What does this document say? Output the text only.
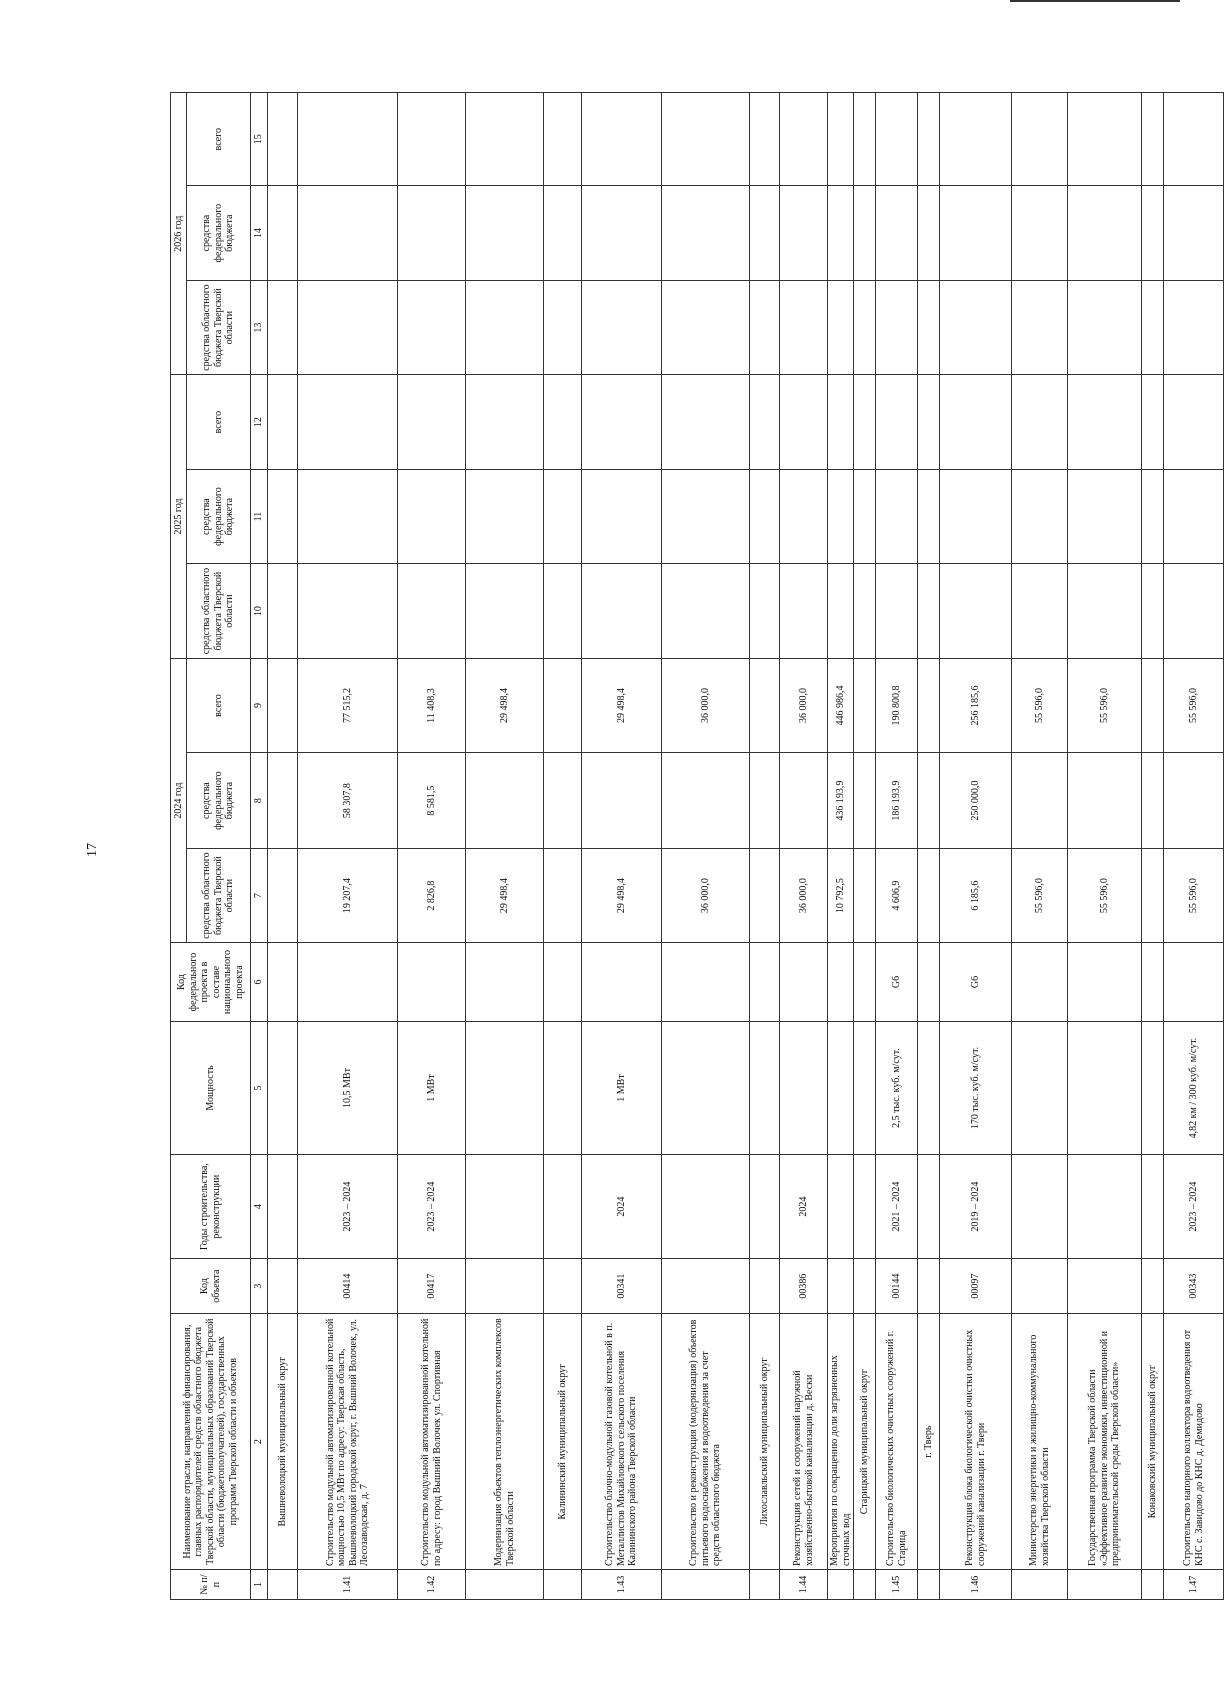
17
№ п/п	Наименование отрасли, направлений финансирования, главных распорядителей средств областного бюджета Тверской области, муниципальных образований Тверской области (бюджетополучателей), государственных программ Тверской области и объектов	Код объекта	Годы строительства, реконструкции	Мощность	Код федерального проекта в составе национального проекта	2024 год			2025 год			2026 год		
						средства областного бюджета Тверской области	средства федерального бюджета	всего	средства областного бюджета Тверской области	средства федерального бюджета	всего	средства областного бюджета Тверской области	средства федерального бюджета	всего
1	2	3	4	5	6	7	8	9	10	11	12	13	14	15
	Вышневолоцкий муниципальный округ													
1.41	Строительство модульной автоматизированной котельной мощностью 10,5 МВт по адресу: Тверская область, Вышневолоцкий городской округ, г. Вышний Волочек, ул. Лесозаводская, д. 7	00414	2023 – 2024	10,5 МВт		19 207,4	58 307,8	77 515,2						
1.42	Строительство модульной автоматизированной котельной по адресу: город Вышний Волочек ул. Спортивная	00417	2023 – 2024	1 МВт		2 826,8	8 581,5	11 408,3						
	Модернизация объектов теплоэнергетических комплексов Тверской области					29 498,4		29 498,4						
	Калининский муниципальный округ													
1.43	Строительство блочно-модульной газовой котельной в п. Металлистов Михайловского сельского поселения Калининского района Тверской области	00341	2024	1 МВт		29 498,4		29 498,4						
	Строительство и реконструкция (модернизация) объектов питьевого водоснабжения и водоотведения за счет средств областного бюджета					36 000,0		36 000,0						
	Лихославльский муниципальный округ													
1.44	Реконструкция сетей и сооружений наружной хозяйственно-бытовой канализации д. Вески	00386	2024			36 000,0		36 000,0						
	Мероприятия по сокращению доли загрязненных сточных вод					10 792,5	436 193,9	446 986,4						
	Старицкий муниципальный округ													
1.45	Строительство биологических очистных сооружений г. Старица	00144	2021 – 2024	2,5 тыс. куб. м/сут.	G6	4 606,9	186 193,9	190 800,8						
	г. Тверь													
1.46	Реконструкция блока биологической очистки очистных сооружений канализации г. Твери	00097	2019 – 2024	170 тыс. куб. м/сут.	G6	6 185,6	250 000,0	256 185,6						
	Министерство энергетики и жилищно-коммунального хозяйства Тверской области					55 596,0		55 596,0						
	Государственная программа Тверской области «Эффективное развитие экономики, инвестиционной и предпринимательской среды Тверской области»					55 596,0		55 596,0						
	Конаковский муниципальный округ													
1.47	Строительство напорного коллектора водоотведения от КНС с. Завидово до КНС д. Демидово	00343	2023 – 2024	4,82 км / 300 куб. м/сут.		55 596,0		55 596,0						
